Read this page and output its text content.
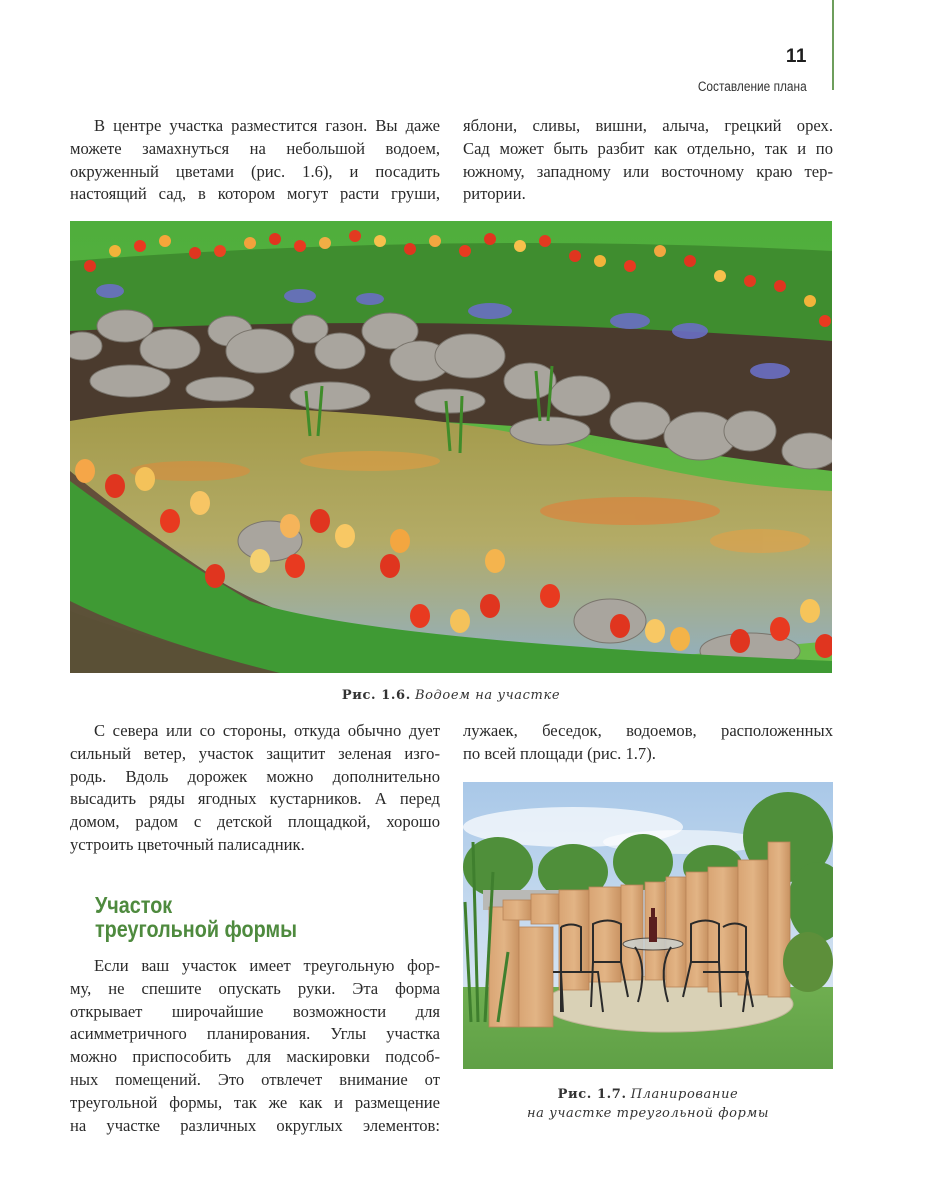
11
Составление плана
В центре участка разместится газон. Вы даже
можете замахнуться на небольшой водоем,
окруженный цветами (рис. 1.6), и посадить
настоящий сад, в котором могут расти груши,
яблони, сливы, вишни, алыча, грецкий орех.
Сад может быть разбит как отдельно, так и по
южному, западному или восточному краю тер-
ритории.
Рис. 1.6. Водоем на участке
С севера или со стороны, откуда обычно дует
сильный ветер, участок защитит зеленая изго-
родь. Вдоль дорожек можно дополнительно
высадить ряды ягодных кустарников. А перед
домом, радом с детской площадкой, хорошо
устроить цветочный палисадник.
лужаек, беседок, водоемов, расположенных
по всей площади (рис. 1.7).
Участок
треугольной формы
Если ваш участок имеет треугольную фор-
му, не спешите опускать руки. Эта форма
открывает широчайшие возможности для
асимметричного планирования. Углы участка
можно приспособить для маскировки подсоб-
ных помещений. Это отвлечет внимание от
треугольной формы, так же как и размещение
на участке различных округлых элементов:
Рис. 1.7. Планирование
на участке треугольной формы
